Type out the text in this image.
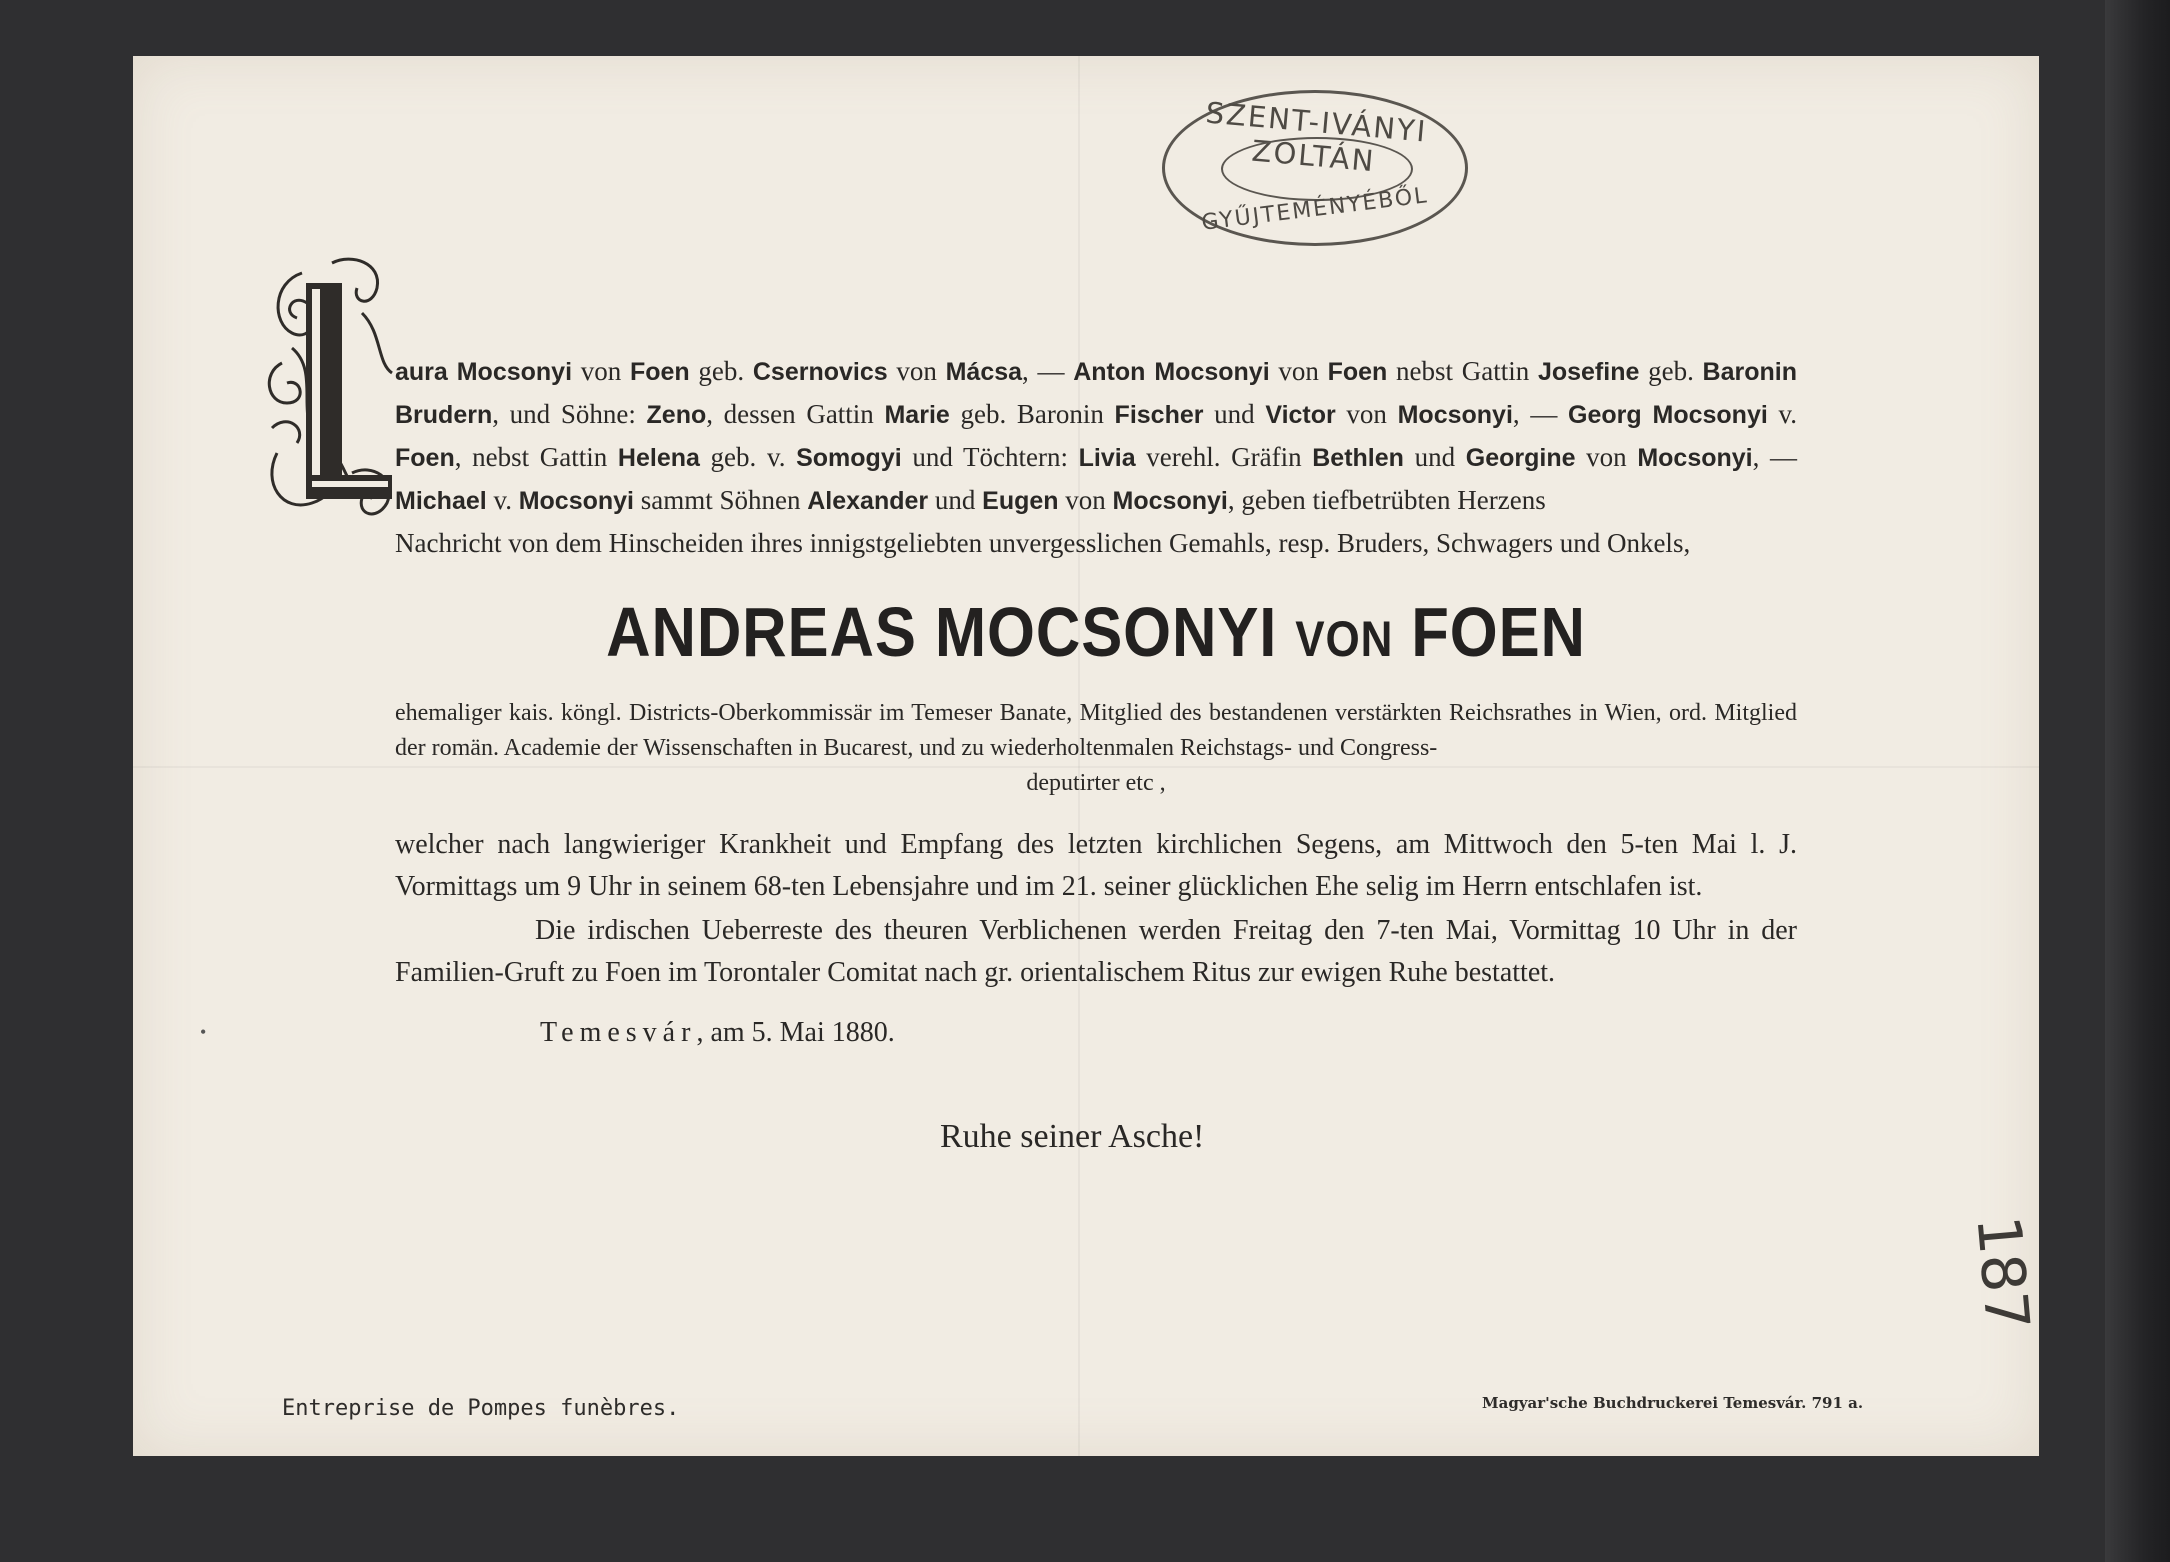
SZENT-IVÁNYI ZOLTÁN
GYŰJTEMÉNYÉBŐL
L
aura Mocsonyi von Foen geb. Csernovics von Mácsa, — Anton Mocsonyi von Foen nebst Gattin Josefine geb. Baronin Brudern, und Söhne: Zeno, dessen Gattin Marie geb. Baronin Fischer und Victor von Mocsonyi, — Georg Mocsonyi v. Foen, nebst Gattin Helena geb. v. Somogyi und Töchtern: Livia verehl. Gräfin Bethlen und Georgine von Mocsonyi, — Michael v. Mocsonyi sammt Söhnen Alexander und Eugen von Mocsonyi, geben tiefbetrübten Herzens
Nachricht von dem Hinscheiden ihres innigstgeliebten unvergesslichen Gemahls, resp. Bruders, Schwagers und Onkels,
ANDREAS MOCSONYI VON FOEN
ehemaliger kais. köngl. Districts-Oberkommissär im Temeser Banate, Mitglied des bestandenen verstärkten Reichsrathes in Wien, ord. Mitglied der romän. Academie der Wissenschaften in Bucarest, und zu wiederholtenmalen Reichstags- und Congress-
deputirter etc ,
welcher nach langwieriger Krankheit und Empfang des letzten kirchlichen Segens, am Mittwoch den 5-ten Mai l. J. Vormittags um 9 Uhr in seinem 68-ten Lebensjahre und im 21. seiner glücklichen Ehe selig im Herrn entschlafen ist.
Die irdischen Ueberreste des theuren Verblichenen werden Freitag den 7-ten Mai, Vormittag 10 Uhr in der Familien-Gruft zu Foen im Torontaler Comitat nach gr. orientalischem Ritus zur ewigen Ruhe bestattet.
Temesvár, am 5. Mai 1880.
Ruhe seiner Asche!
Entreprise de Pompes funèbres.	Magyar'sche Buchdruckerei Temesvár. 791 a.
187
•
